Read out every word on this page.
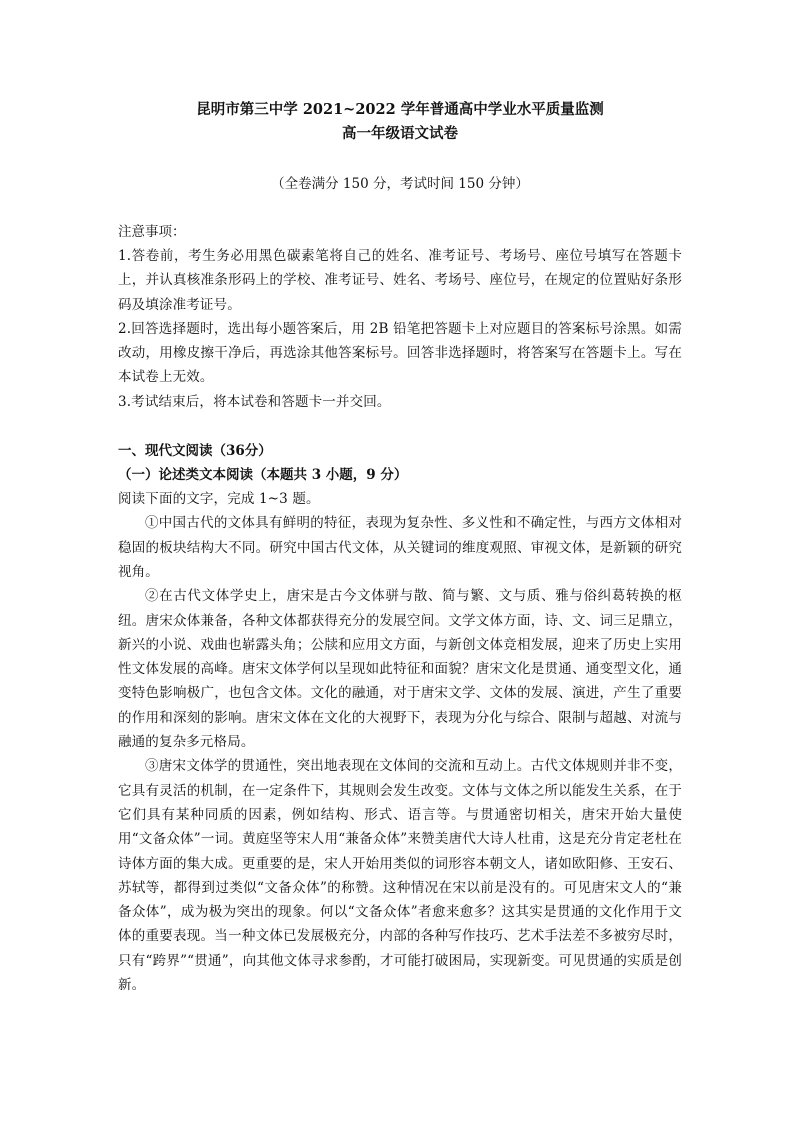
昆明市第三中学 2021~2022 学年普通高中学业水平质量监测

高一年级语文试卷

（全卷满分 150 分，考试时间 150 分钟）

注意事项：

1.答卷前，考生务必用黑色碳素笔将自己的姓名、准考证号、考场号、座位号填写在答题卡上，并认真核准条形码上的学校、准考证号、姓名、考场号、座位号，在规定的位置贴好条形码及填涂准考证号。

2.回答选择题时，选出每小题答案后，用 2B 铅笔把答题卡上对应题目的答案标号涂黑。如需改动，用橡皮擦干净后，再选涂其他答案标号。回答非选择题时，将答案写在答题卡上。写在本试卷上无效。

3.考试结束后，将本试卷和答题卡一并交回。

一、现代文阅读（36分）

（一）论述类文本阅读（本题共 3 小题，9 分）

阅读下面的文字，完成 1~3 题。

①中国古代的文体具有鲜明的特征，表现为复杂性、多义性和不确定性，与西方文体相对稳固的板块结构大不同。研究中国古代文体，从关键词的维度观照、审视文体，是新颖的研究视角。

②在古代文体学史上，唐宋是古今文体骈与散、简与繁、文与质、雅与俗纠葛转换的枢纽。唐宋众体兼备，各种文体都获得充分的发展空间。文学文体方面，诗、文、词三足鼎立，新兴的小说、戏曲也崭露头角；公牍和应用文方面，与新创文体竞相发展，迎来了历史上实用性文体发展的高峰。唐宋文体学何以呈现如此特征和面貌？唐宋文化是贯通、通变型文化，通变特色影响极广，也包含文体。文化的融通，对于唐宋文学、文体的发展、演进，产生了重要的作用和深刻的影响。唐宋文体在文化的大视野下，表现为分化与综合、限制与超越、对流与融通的复杂多元格局。

③唐宋文体学的贯通性，突出地表现在文体间的交流和互动上。古代文体规则并非不变，它具有灵活的机制，在一定条件下，其规则会发生改变。文体与文体之所以能发生关系，在于它们具有某种同质的因素，例如结构、形式、语言等。与贯通密切相关，唐宋开始大量使用“文备众体”一词。黄庭坚等宋人用“兼备众体”来赞美唐代大诗人杜甫，这是充分肯定老杜在诗体方面的集大成。更重要的是，宋人开始用类似的词形容本朝文人，诸如欧阳修、王安石、苏轼等，都得到过类似“文备众体”的称赞。这种情况在宋以前是没有的。可见唐宋文人的“兼备众体”，成为极为突出的现象。何以“文备众体”者愈来愈多？这其实是贯通的文化作用于文体的重要表现。当一种文体已发展极充分，内部的各种写作技巧、艺术手法差不多被穷尽时，只有“跨界”“贯通”，向其他文体寻求参酌，才可能打破困局，实现新变。可见贯通的实质是创新。
